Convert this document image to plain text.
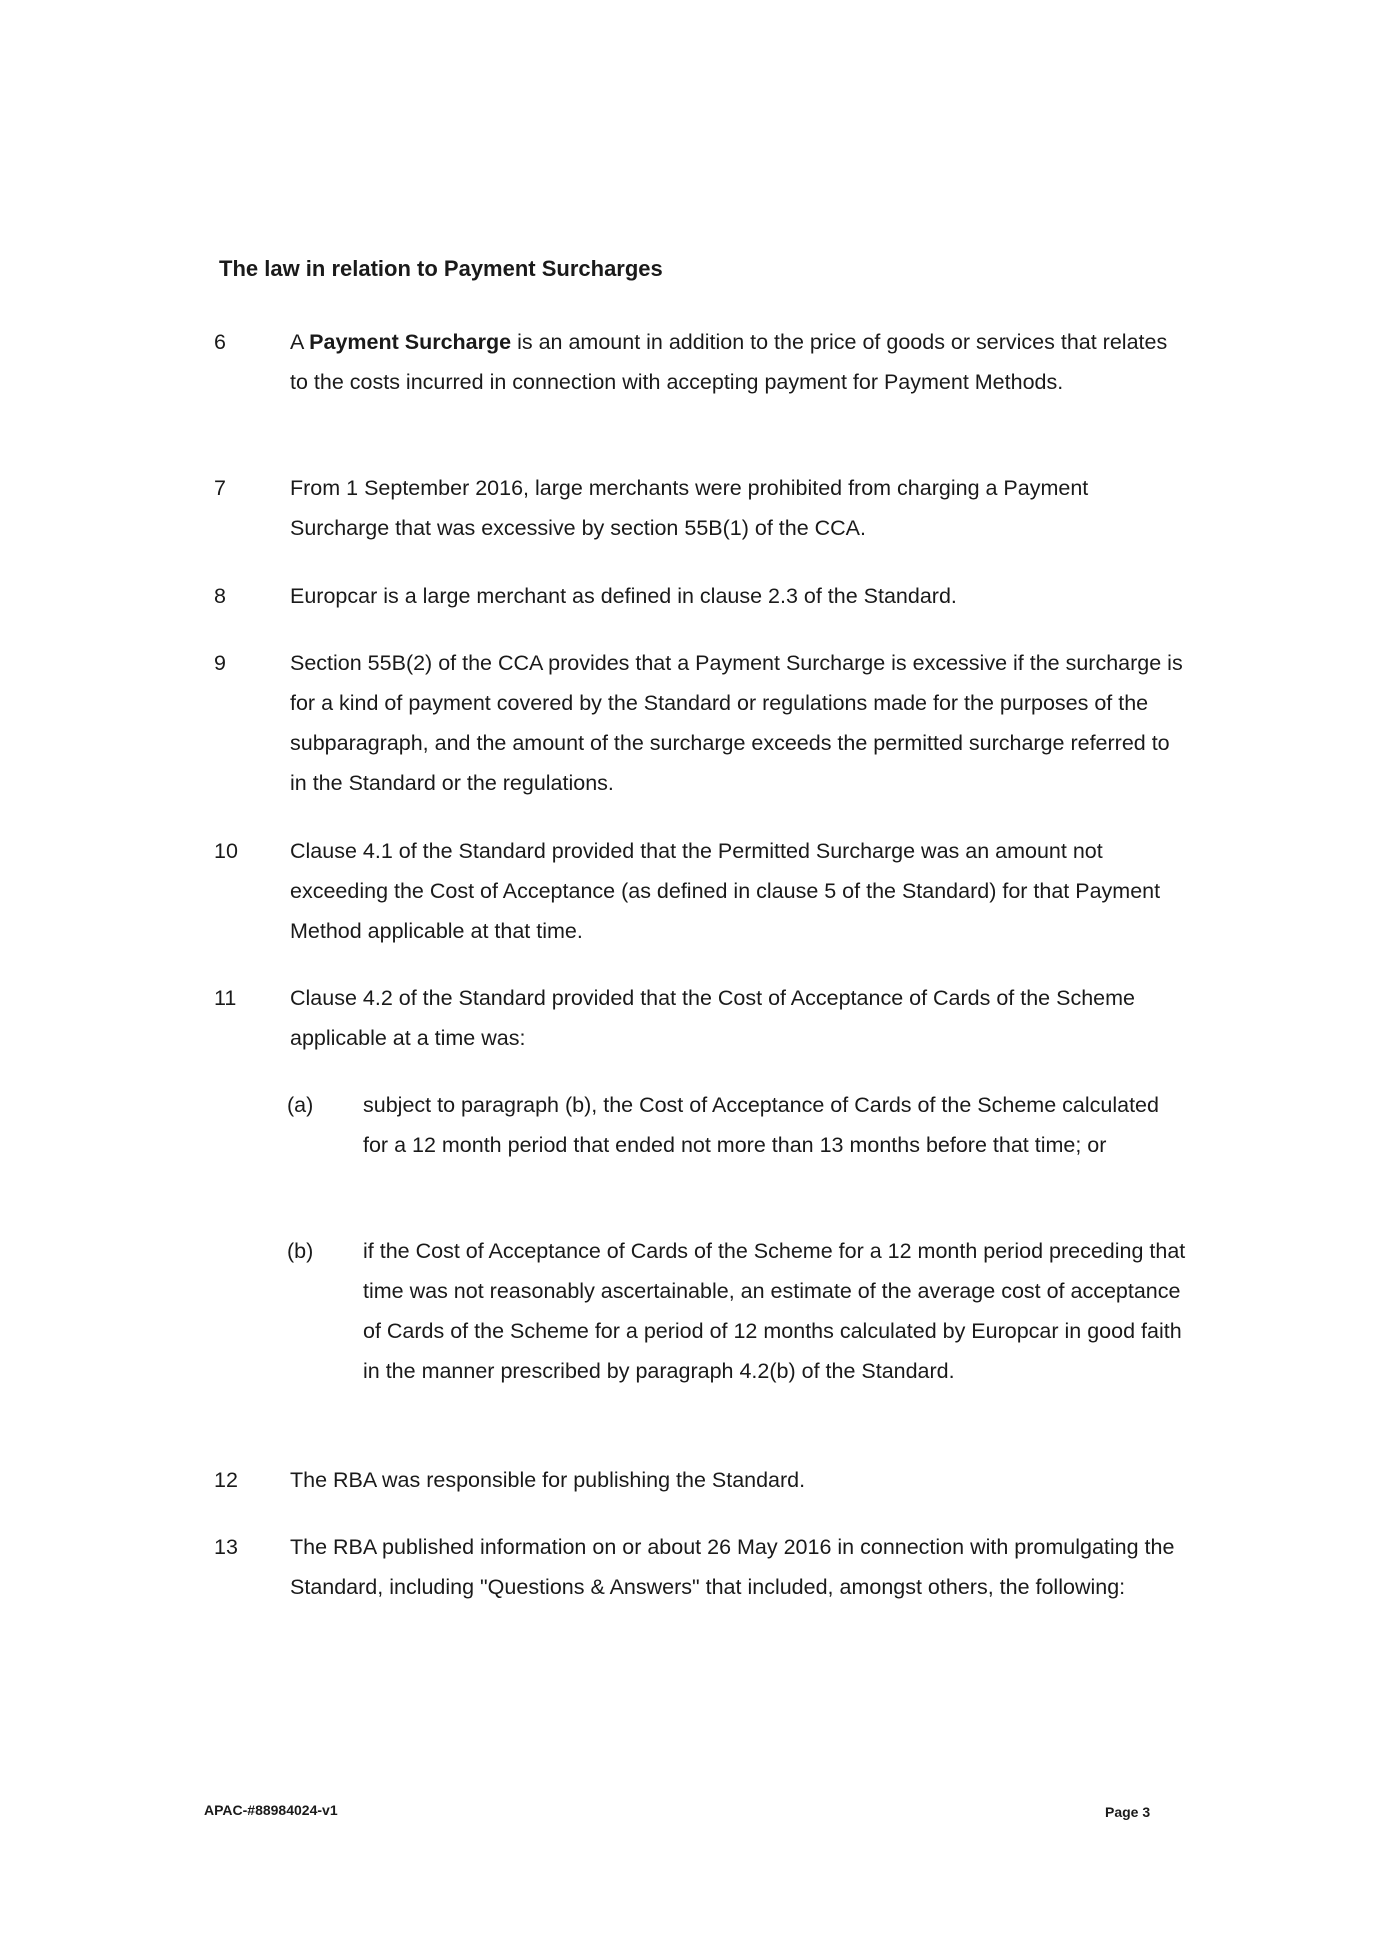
The law in relation to Payment Surcharges
6	A Payment Surcharge is an amount in addition to the price of goods or services that relates to the costs incurred in connection with accepting payment for Payment Methods.
7	From 1 September 2016, large merchants were prohibited from charging a Payment Surcharge that was excessive by section 55B(1) of the CCA.
8	Europcar is a large merchant as defined in clause 2.3 of the Standard.
9	Section 55B(2) of the CCA provides that a Payment Surcharge is excessive if the surcharge is for a kind of payment covered by the Standard or regulations made for the purposes of the subparagraph, and the amount of the surcharge exceeds the permitted surcharge referred to in the Standard or the regulations.
10	Clause 4.1 of the Standard provided that the Permitted Surcharge was an amount not exceeding the Cost of Acceptance (as defined in clause 5 of the Standard) for that Payment Method applicable at that time.
11	Clause 4.2 of the Standard provided that the Cost of Acceptance of Cards of the Scheme applicable at a time was:
(a)	subject to paragraph (b), the Cost of Acceptance of Cards of the Scheme calculated for a 12 month period that ended not more than 13 months before that time; or
(b)	if the Cost of Acceptance of Cards of the Scheme for a 12 month period preceding that time was not reasonably ascertainable, an estimate of the average cost of acceptance of Cards of the Scheme for a period of 12 months calculated by Europcar in good faith in the manner prescribed by paragraph 4.2(b) of the Standard.
12	The RBA was responsible for publishing the Standard.
13	The RBA published information on or about 26 May 2016 in connection with promulgating the Standard, including "Questions & Answers" that included, amongst others, the following:
APAC-#88984024-v1	Page 3
